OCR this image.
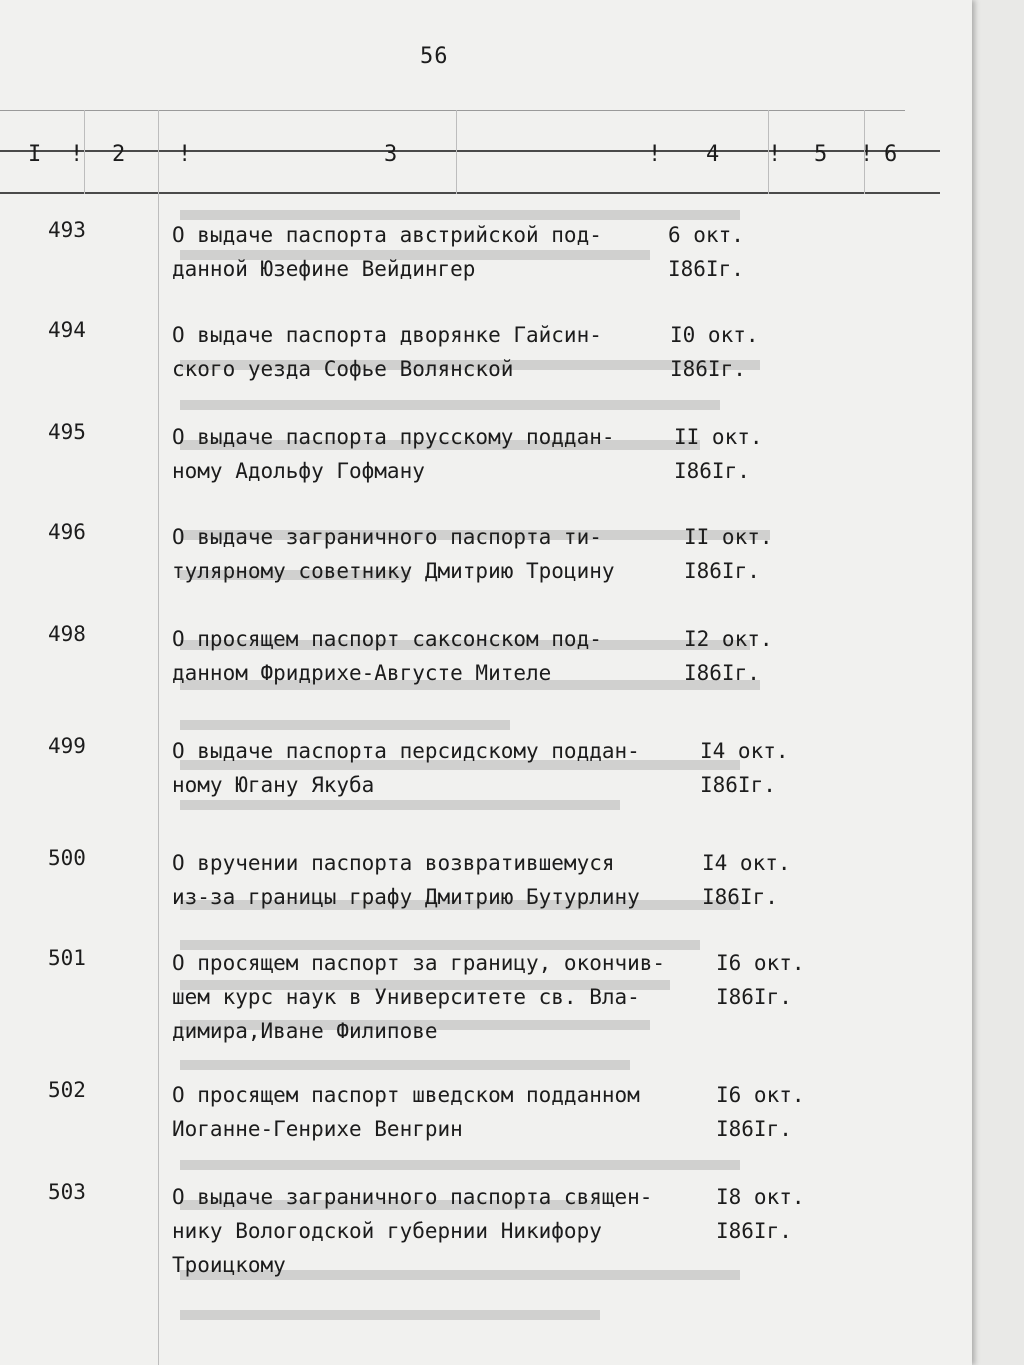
56
I ! 2 !	3	! 4 ! 5 ! 6
493	О выдаче паспорта австрийской под-
данной Юзефине Вейдингер
6 окт.
I86Iг.
494	О выдаче паспорта дворянке Гайсин-
ского уезда Софье Волянской
I0 окт.
I86Iг.
495	О выдаче паспорта прусскому поддан-
ному Адольфу Гофману
II окт.
I86Iг.
496	О выдаче заграничного паспорта ти-
тулярному советнику Дмитрию Троцину
II окт.
I86Iг.
498	О просящем паспорт саксонском под-
данном Фридрихе-Августе Мителе
I2 окт.
I86Iг.
499	О выдаче паспорта персидскому поддан-
ному Югану Якуба
I4 окт.
I86Iг.
500	О вручении паспорта возвратившемуся
из-за границы графу Дмитрию Бутурлину
I4 окт.
I86Iг.
501	О просящем паспорт за границу, окончив-
шем курс наук в Университете св. Вла-
димира,Иване Филипове
I6 окт.
I86Iг.
502	О просящем паспорт шведском подданном
Иоганне-Генрихе Венгрин
I6 окт.
I86Iг.
503	О выдаче заграничного паспорта священ-
нику Вологодской губернии Никифору
Троицкому
I8 окт.
I86Iг.
